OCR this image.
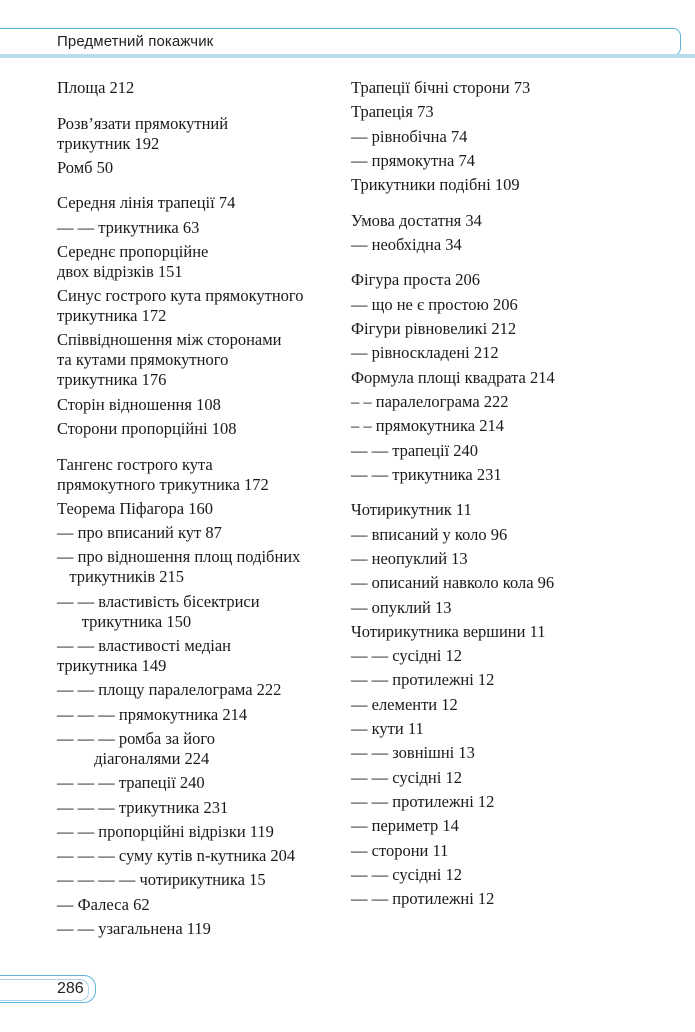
Предметний покажчик
Площа 212
Розв’язати прямокутний
трикутник 192
Ромб 50
Середня лінія трапеції 74
— — трикутника 63
Середнє пропорційне
двох відрізків 151
Синус гострого кута прямокутного
трикутника 172
Співвідношення між сторонами
та кутами прямокутного
трикутника 176
Сторін відношення 108
Сторони пропорційні 108
Тангенс гострого кута
прямокутного трикутника 172
Теорема Піфагора 160
— про вписаний кут 87
— про відношення площ подібних
трикутників 215
— — властивість бісектриси
трикутника 150
— — властивості медіан
трикутника 149
— — площу паралелограма 222
— — — прямокутника 214
— — — ромба за його
діагоналями 224
— — — трапеції 240
— — — трикутника 231
— — пропорційні відрізки 119
— — — суму кутів n-кутника 204
— — — — чотирикутника 15
— Фалеса 62
— — узагальнена 119
Трапеції бічні сторони 73
Трапеція 73
— рівнобічна 74
— прямокутна 74
Трикутники подібні 109
Умова достатня 34
— необхідна 34
Фігура проста 206
— що не є простою 206
Фігури рівновеликі 212
— рівноскладені 212
Формула площі квадрата 214
– – паралелограма 222
– – прямокутника 214
— — трапеції 240
— — трикутника 231
Чотирикутник 11
— вписаний у коло 96
— неопуклий 13
— описаний навколо кола 96
— опуклий 13
Чотирикутника вершини 11
— — сусідні 12
— — протилежні 12
— елементи 12
— кути 11
— — зовнішні 13
— — сусідні 12
— — протилежні 12
— периметр 14
— сторони 11
— — сусідні 12
— — протилежні 12
286
